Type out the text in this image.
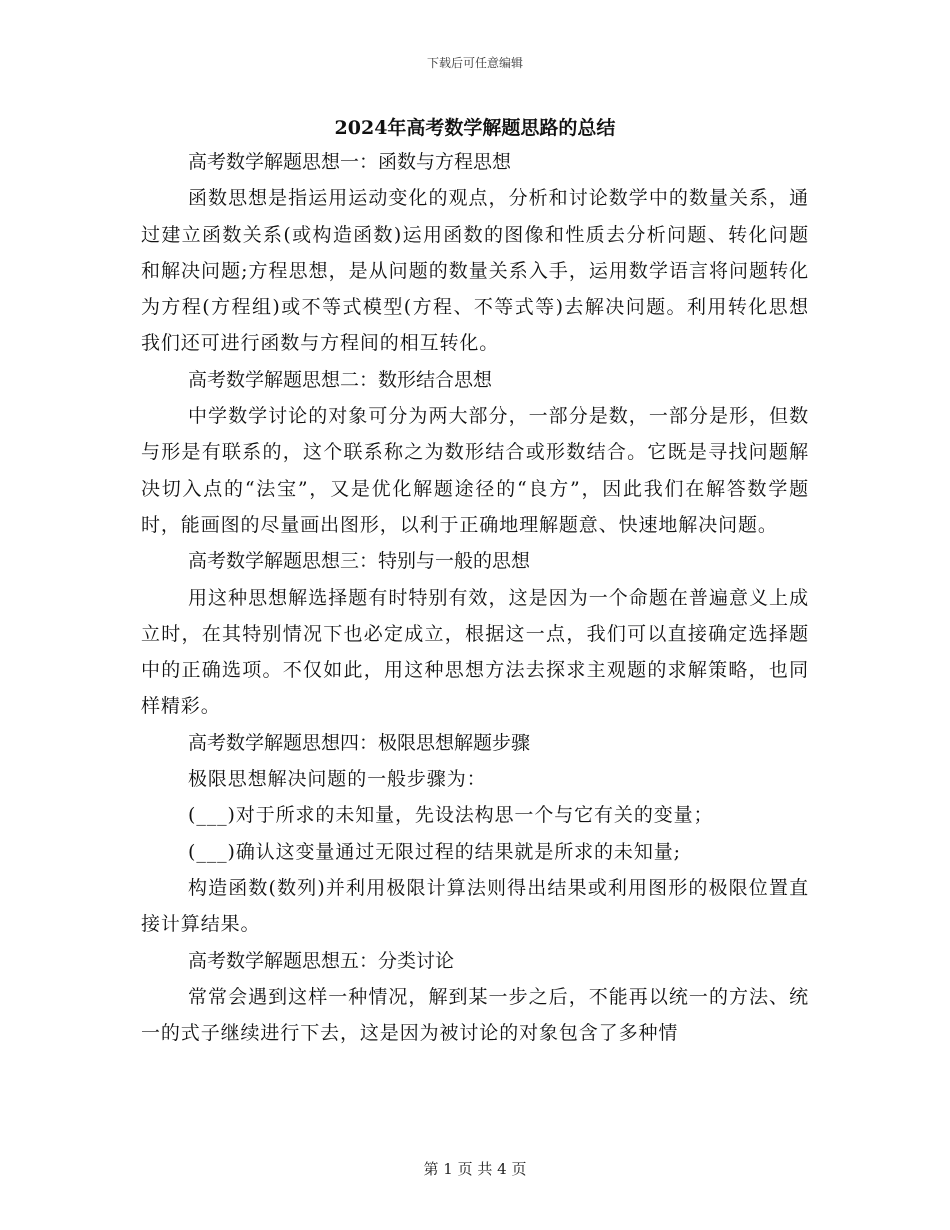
下载后可任意编辑
2024年高考数学解题思路的总结

高考数学解题思想一：函数与方程思想

函数思想是指运用运动变化的观点，分析和讨论数学中的数量关系，通过建立函数关系(或构造函数)运用函数的图像和性质去分析问题、转化问题和解决问题;方程思想，是从问题的数量关系入手，运用数学语言将问题转化为方程(方程组)或不等式模型(方程、不等式等)去解决问题。利用转化思想我们还可进行函数与方程间的相互转化。

高考数学解题思想二：数形结合思想

中学数学讨论的对象可分为两大部分，一部分是数，一部分是形，但数与形是有联系的，这个联系称之为数形结合或形数结合。它既是寻找问题解决切入点的“法宝”，又是优化解题途径的“良方”，因此我们在解答数学题时，能画图的尽量画出图形，以利于正确地理解题意、快速地解决问题。

高考数学解题思想三：特别与一般的思想

用这种思想解选择题有时特别有效，这是因为一个命题在普遍意义上成立时，在其特别情况下也必定成立，根据这一点，我们可以直接确定选择题中的正确选项。不仅如此，用这种思想方法去探求主观题的求解策略，也同样精彩。

高考数学解题思想四：极限思想解题步骤

极限思想解决问题的一般步骤为：

(___)对于所求的未知量，先设法构思一个与它有关的变量；

(___)确认这变量通过无限过程的结果就是所求的未知量;

构造函数(数列)并利用极限计算法则得出结果或利用图形的极限位置直接计算结果。

高考数学解题思想五：分类讨论

常常会遇到这样一种情况，解到某一步之后，不能再以统一的方法、统一的式子继续进行下去，这是因为被讨论的对象包含了多种情

第 1 页 共 4 页
